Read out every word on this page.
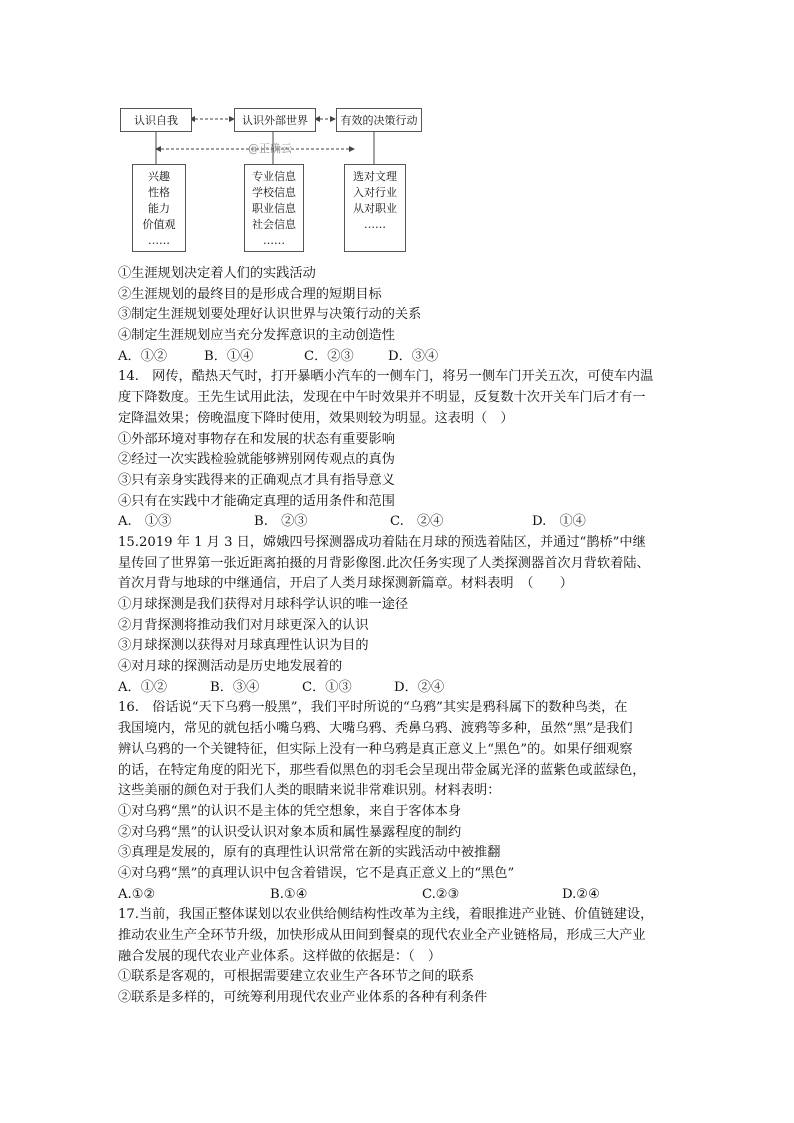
认识自我	认识外部世界	有效的决策行动
@正确云
兴趣
性格
能力
价值观
……
专业信息
学校信息
职业信息
社会信息
……
选对文理
入对行业
从对职业
……
①生涯规划决定着人们的实践活动
②生涯规划的最终目的是形成合理的短期目标
③制定生涯规划要处理好认识世界与决策行动的关系
④制定生涯规划应当充分发挥意识的主动创造性
A．①②	B．①④	C．②③	D．③④
14.　网传，酷热天气时，打开暴晒小汽车的一侧车门，将另一侧车门开关五次，可使车内温
度下降数度。王先生试用此法，发现在中午时效果并不明显，反复数十次开关车门后才有一
定降温效果；傍晚温度下降时使用，效果则较为明显。这表明（　）
①外部环境对事物存在和发展的状态有重要影响
②经过一次实践检验就能够辨别网传观点的真伪
③只有亲身实践得来的正确观点才具有指导意义
④只有在实践中才能确定真理的适用条件和范围
A.　①③	B.　②③	C.　②④	D.　①④
15.2019 年 1 月 3 日，嫦娥四号探测器成功着陆在月球的预选着陆区，并通过“鹊桥”中继
星传回了世界第一张近距离拍摄的月背影像图.此次任务实现了人类探测器首次月背软着陆、
首次月背与地球的中继通信，开启了人类月球探测新篇章。材料表明　（　　）
①月球探测是我们获得对月球科学认识的唯一途径
②月背探测将推动我们对月球更深入的认识
③月球探测以获得对月球真理性认识为目的
④对月球的探测活动是历史地发展着的
A．①②	B．③④	C．①③	D．②④
16.　俗话说“天下乌鸦一般黑”，我们平时所说的“乌鸦”其实是鸦科属下的数种鸟类，在
我国境内，常见的就包括小嘴乌鸦、大嘴乌鸦、秃鼻乌鸦、渡鸦等多种，虽然“黑”是我们
辨认乌鸦的一个关键特征，但实际上没有一种乌鸦是真正意义上“黑色”的。如果仔细观察
的话，在特定角度的阳光下，那些看似黑色的羽毛会呈现出带金属光泽的蓝紫色或蓝绿色，
这些美丽的颜色对于我们人类的眼睛来说非常难识别。材料表明：
①对乌鸦“黑”的认识不是主体的凭空想象，来自于客体本身
②对乌鸦“黑”的认识受认识对象本质和属性暴露程度的制约
③真理是发展的，原有的真理性认识常常在新的实践活动中被推翻
④对乌鸦“黑”的真理认识中包含着错误，它不是真正意义上的“黑色”
A.①②	B.①④	C.②③	D.②④
17.当前，我国正整体谋划以农业供给侧结构性改革为主线，着眼推进产业链、价值链建设，
推动农业生产全环节升级，加快形成从田间到餐桌的现代农业全产业链格局，形成三大产业
融合发展的现代农业产业体系。这样做的依据是：（　）
①联系是客观的，可根据需要建立农业生产各环节之间的联系
②联系是多样的，可统筹利用现代农业产业体系的各种有利条件
